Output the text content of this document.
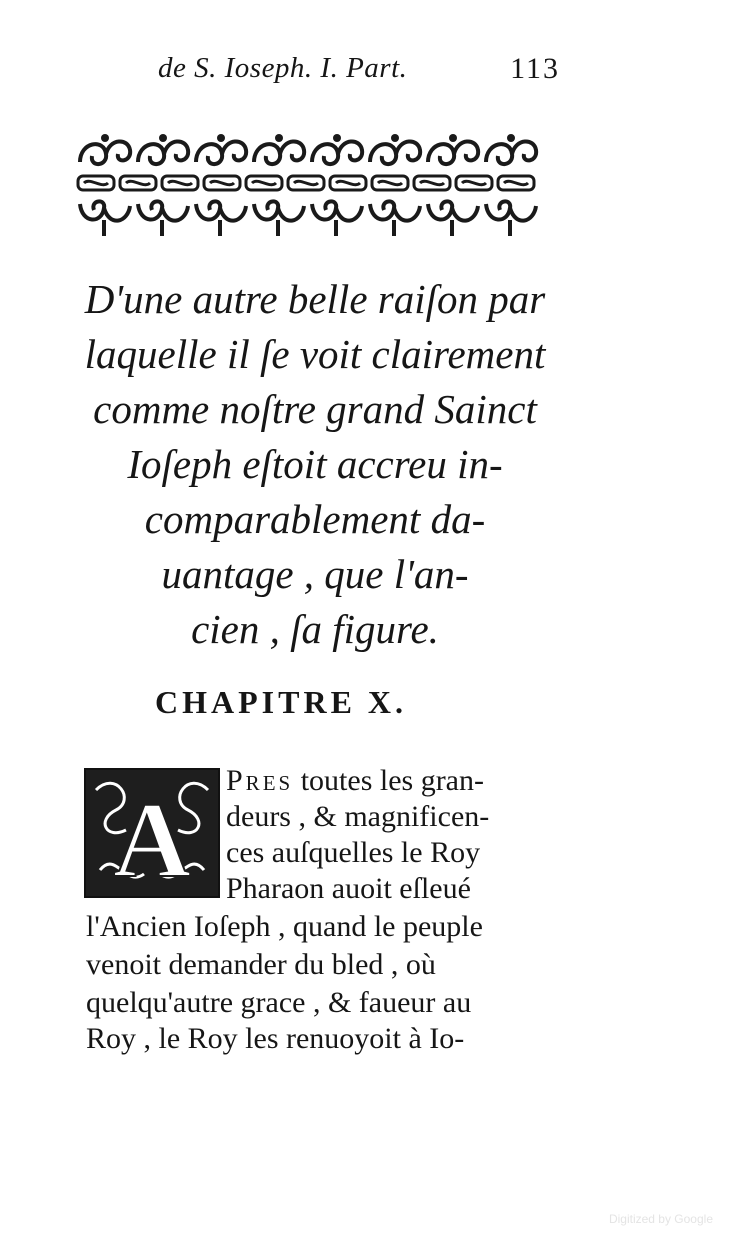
de S. Ioseph. I. Part.	113
D'une autre belle raiſon par
laquelle il ſe voit clairement
comme noſtre grand Sainct
Ioſeph eſtoit accreu in-
comparablement da-
uantage , que l'an-
cien , ſa figure.
CHAPITRE X.
A
Pres toutes les gran-
deurs , & magnificen-
ces auſquelles le Roy
Pharaon auoit eſleué
l'Ancien Ioſeph , quand le peuple
venoit demander du bled , où
quelqu'autre grace , & faueur au
Roy , le Roy les renuoyoit à Io-
Digitized by Google
